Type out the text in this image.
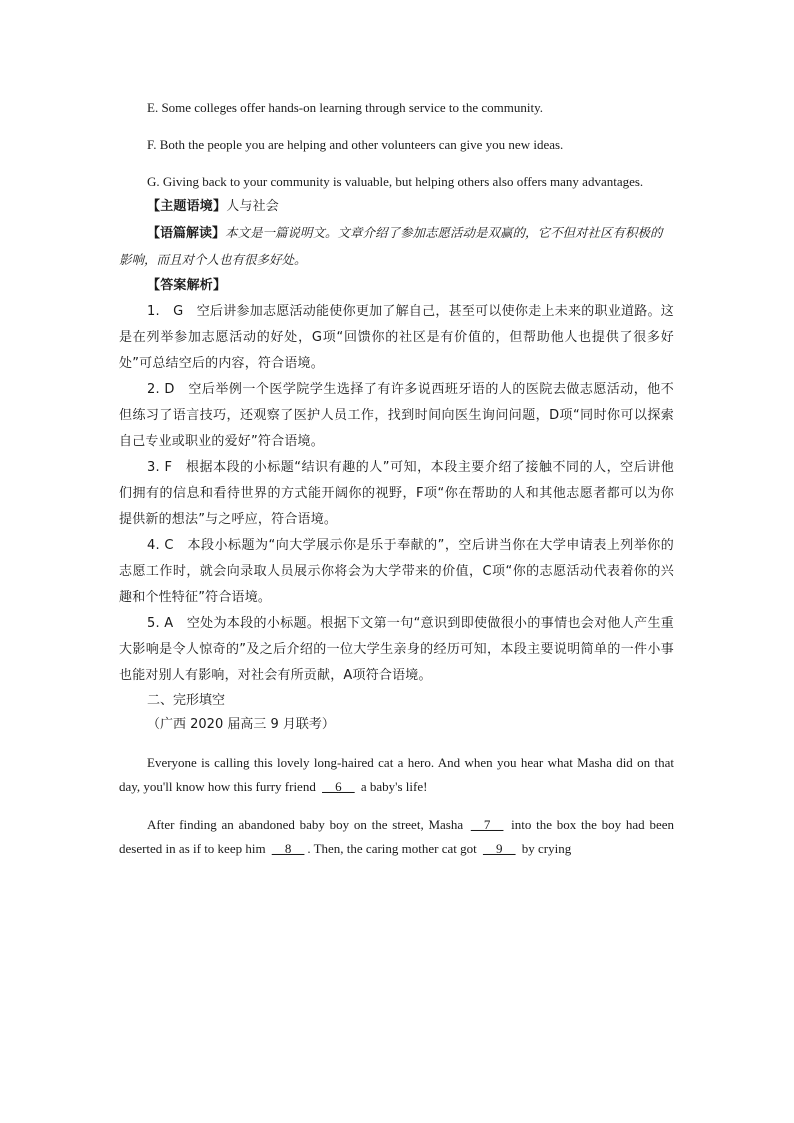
E. Some colleges offer hands-on learning through service to the community.

F. Both the people you are helping and other volunteers can give you new ideas.

G. Giving back to your community is valuable, but helping others also offers many advantages.

【主题语境】人与社会

【语篇解读】本文是一篇说明文。文章介绍了参加志愿活动是双赢的，它不但对社区有积极的影响，而且对个人也有很多好处。

【答案解析】

1.　G　空后讲参加志愿活动能使你更加了解自己，甚至可以使你走上未来的职业道路。这是在列举参加志愿活动的好处，G项“回馈你的社区是有价值的，但帮助他人也提供了很多好处”可总结空后的内容，符合语境。

2. D　空后举例一个医学院学生选择了有许多说西班牙语的人的医院去做志愿活动，他不但练习了语言技巧，还观察了医护人员工作，找到时间向医生询问问题，D项“同时你可以探索自己专业或职业的爱好”符合语境。

3. F　根据本段的小标题“结识有趣的人”可知，本段主要介绍了接触不同的人，空后讲他们拥有的信息和看待世界的方式能开阔你的视野，F项“你在帮助的人和其他志愿者都可以为你提供新的想法”与之呼应，符合语境。

4. C　本段小标题为“向大学展示你是乐于奉献的”，空后讲当你在大学申请表上列举你的志愿工作时，就会向录取人员展示你将会为大学带来的价值，C项“你的志愿活动代表着你的兴趣和个性特征”符合语境。

5. A　空处为本段的小标题。根据下文第一句“意识到即使做很小的事情也会对他人产生重大影响是令人惊奇的”及之后介绍的一位大学生亲身的经历可知，本段主要说明简单的一件小事也能对别人有影响，对社会有所贡献，A项符合语境。

二、完形填空

（广西 2020 届高三 9 月联考）

Everyone is calling this lovely long-haired cat a hero. And when you hear what Masha did on that day, you'll know how this furry friend __6__ a baby's life!

After finding an abandoned baby boy on the street, Masha __7__ into the box the boy had been deserted in as if to keep him __8__ . Then, the caring mother cat got __9__ by crying
